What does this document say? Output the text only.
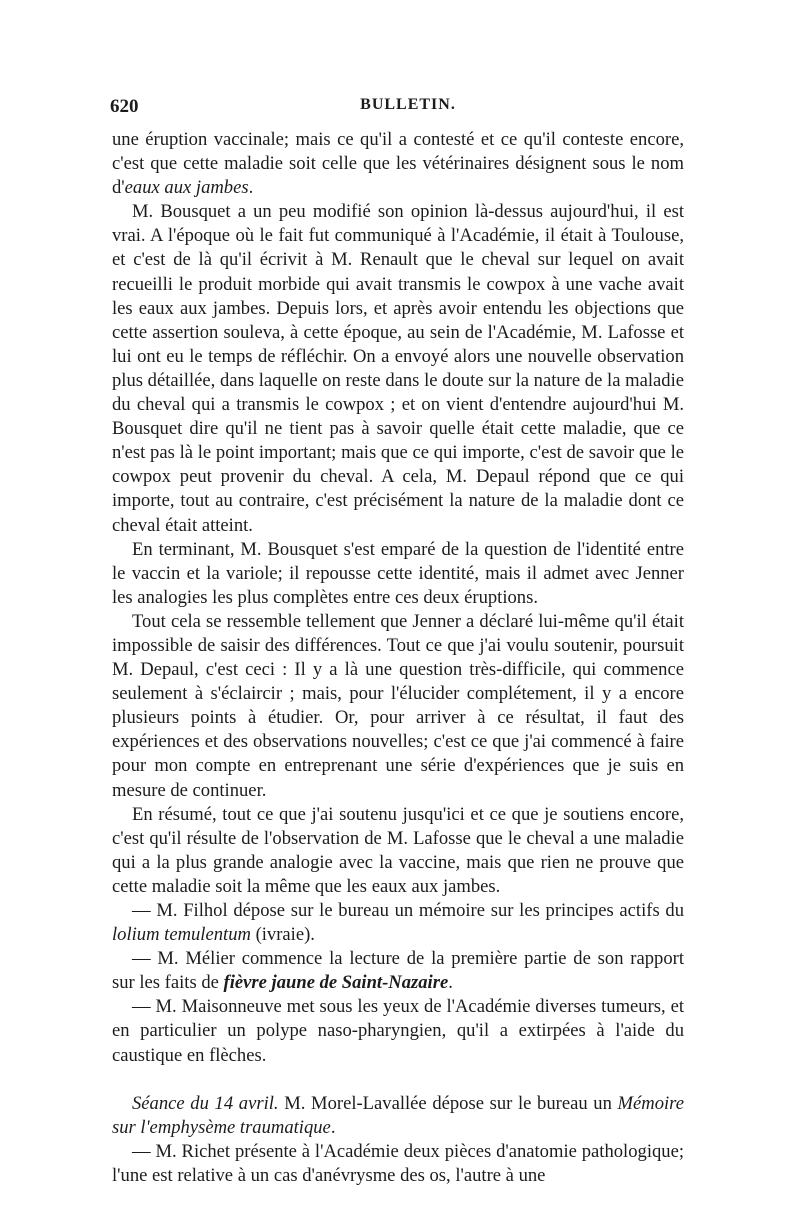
620	BULLETIN.

une éruption vaccinale; mais ce qu'il a contesté et ce qu'il conteste encore, c'est que cette maladie soit celle que les vétérinaires désignent sous le nom d'eaux aux jambes.

M. Bousquet a un peu modifié son opinion là-dessus aujourd'hui, il est vrai. A l'époque où le fait fut communiqué à l'Académie, il était à Toulouse, et c'est de là qu'il écrivit à M. Renault que le cheval sur lequel on avait recueilli le produit morbide qui avait transmis le cowpox à une vache avait les eaux aux jambes. Depuis lors, et après avoir entendu les objections que cette assertion souleva, à cette époque, au sein de l'Académie, M. Lafosse et lui ont eu le temps de réfléchir. On a envoyé alors une nouvelle observation plus détaillée, dans laquelle on reste dans le doute sur la nature de la maladie du cheval qui a transmis le cowpox ; et on vient d'entendre aujourd'hui M. Bousquet dire qu'il ne tient pas à savoir quelle était cette maladie, que ce n'est pas là le point important; mais que ce qui importe, c'est de savoir que le cowpox peut provenir du cheval. A cela, M. Depaul répond que ce qui importe, tout au contraire, c'est précisément la nature de la maladie dont ce cheval était atteint.

En terminant, M. Bousquet s'est emparé de la question de l'identité entre le vaccin et la variole; il repousse cette identité, mais il admet avec Jenner les analogies les plus complètes entre ces deux éruptions.

Tout cela se ressemble tellement que Jenner a déclaré lui-même qu'il était impossible de saisir des différences. Tout ce que j'ai voulu soutenir, poursuit M. Depaul, c'est ceci : Il y a là une question très-difficile, qui commence seulement à s'éclaircir ; mais, pour l'élucider complétement, il y a encore plusieurs points à étudier. Or, pour arriver à ce résultat, il faut des expériences et des observations nouvelles; c'est ce que j'ai commencé à faire pour mon compte en entreprenant une série d'expériences que je suis en mesure de continuer.

En résumé, tout ce que j'ai soutenu jusqu'ici et ce que je soutiens encore, c'est qu'il résulte de l'observation de M. Lafosse que le cheval a une maladie qui a la plus grande analogie avec la vaccine, mais que rien ne prouve que cette maladie soit la même que les eaux aux jambes.

— M. Filhol dépose sur le bureau un mémoire sur les principes actifs du lolium temulentum (ivraie).

— M. Mélier commence la lecture de la première partie de son rapport sur les faits de fièvre jaune de Saint-Nazaire.

— M. Maisonneuve met sous les yeux de l'Académie diverses tumeurs, et en particulier un polype naso-pharyngien, qu'il a extirpées à l'aide du caustique en flèches.

Séance du 14 avril. M. Morel-Lavallée dépose sur le bureau un Mémoire sur l'emphysème traumatique.

— M. Richet présente à l'Académie deux pièces d'anatomie pathologique; l'une est relative à un cas d'anévrysme des os, l'autre à une
